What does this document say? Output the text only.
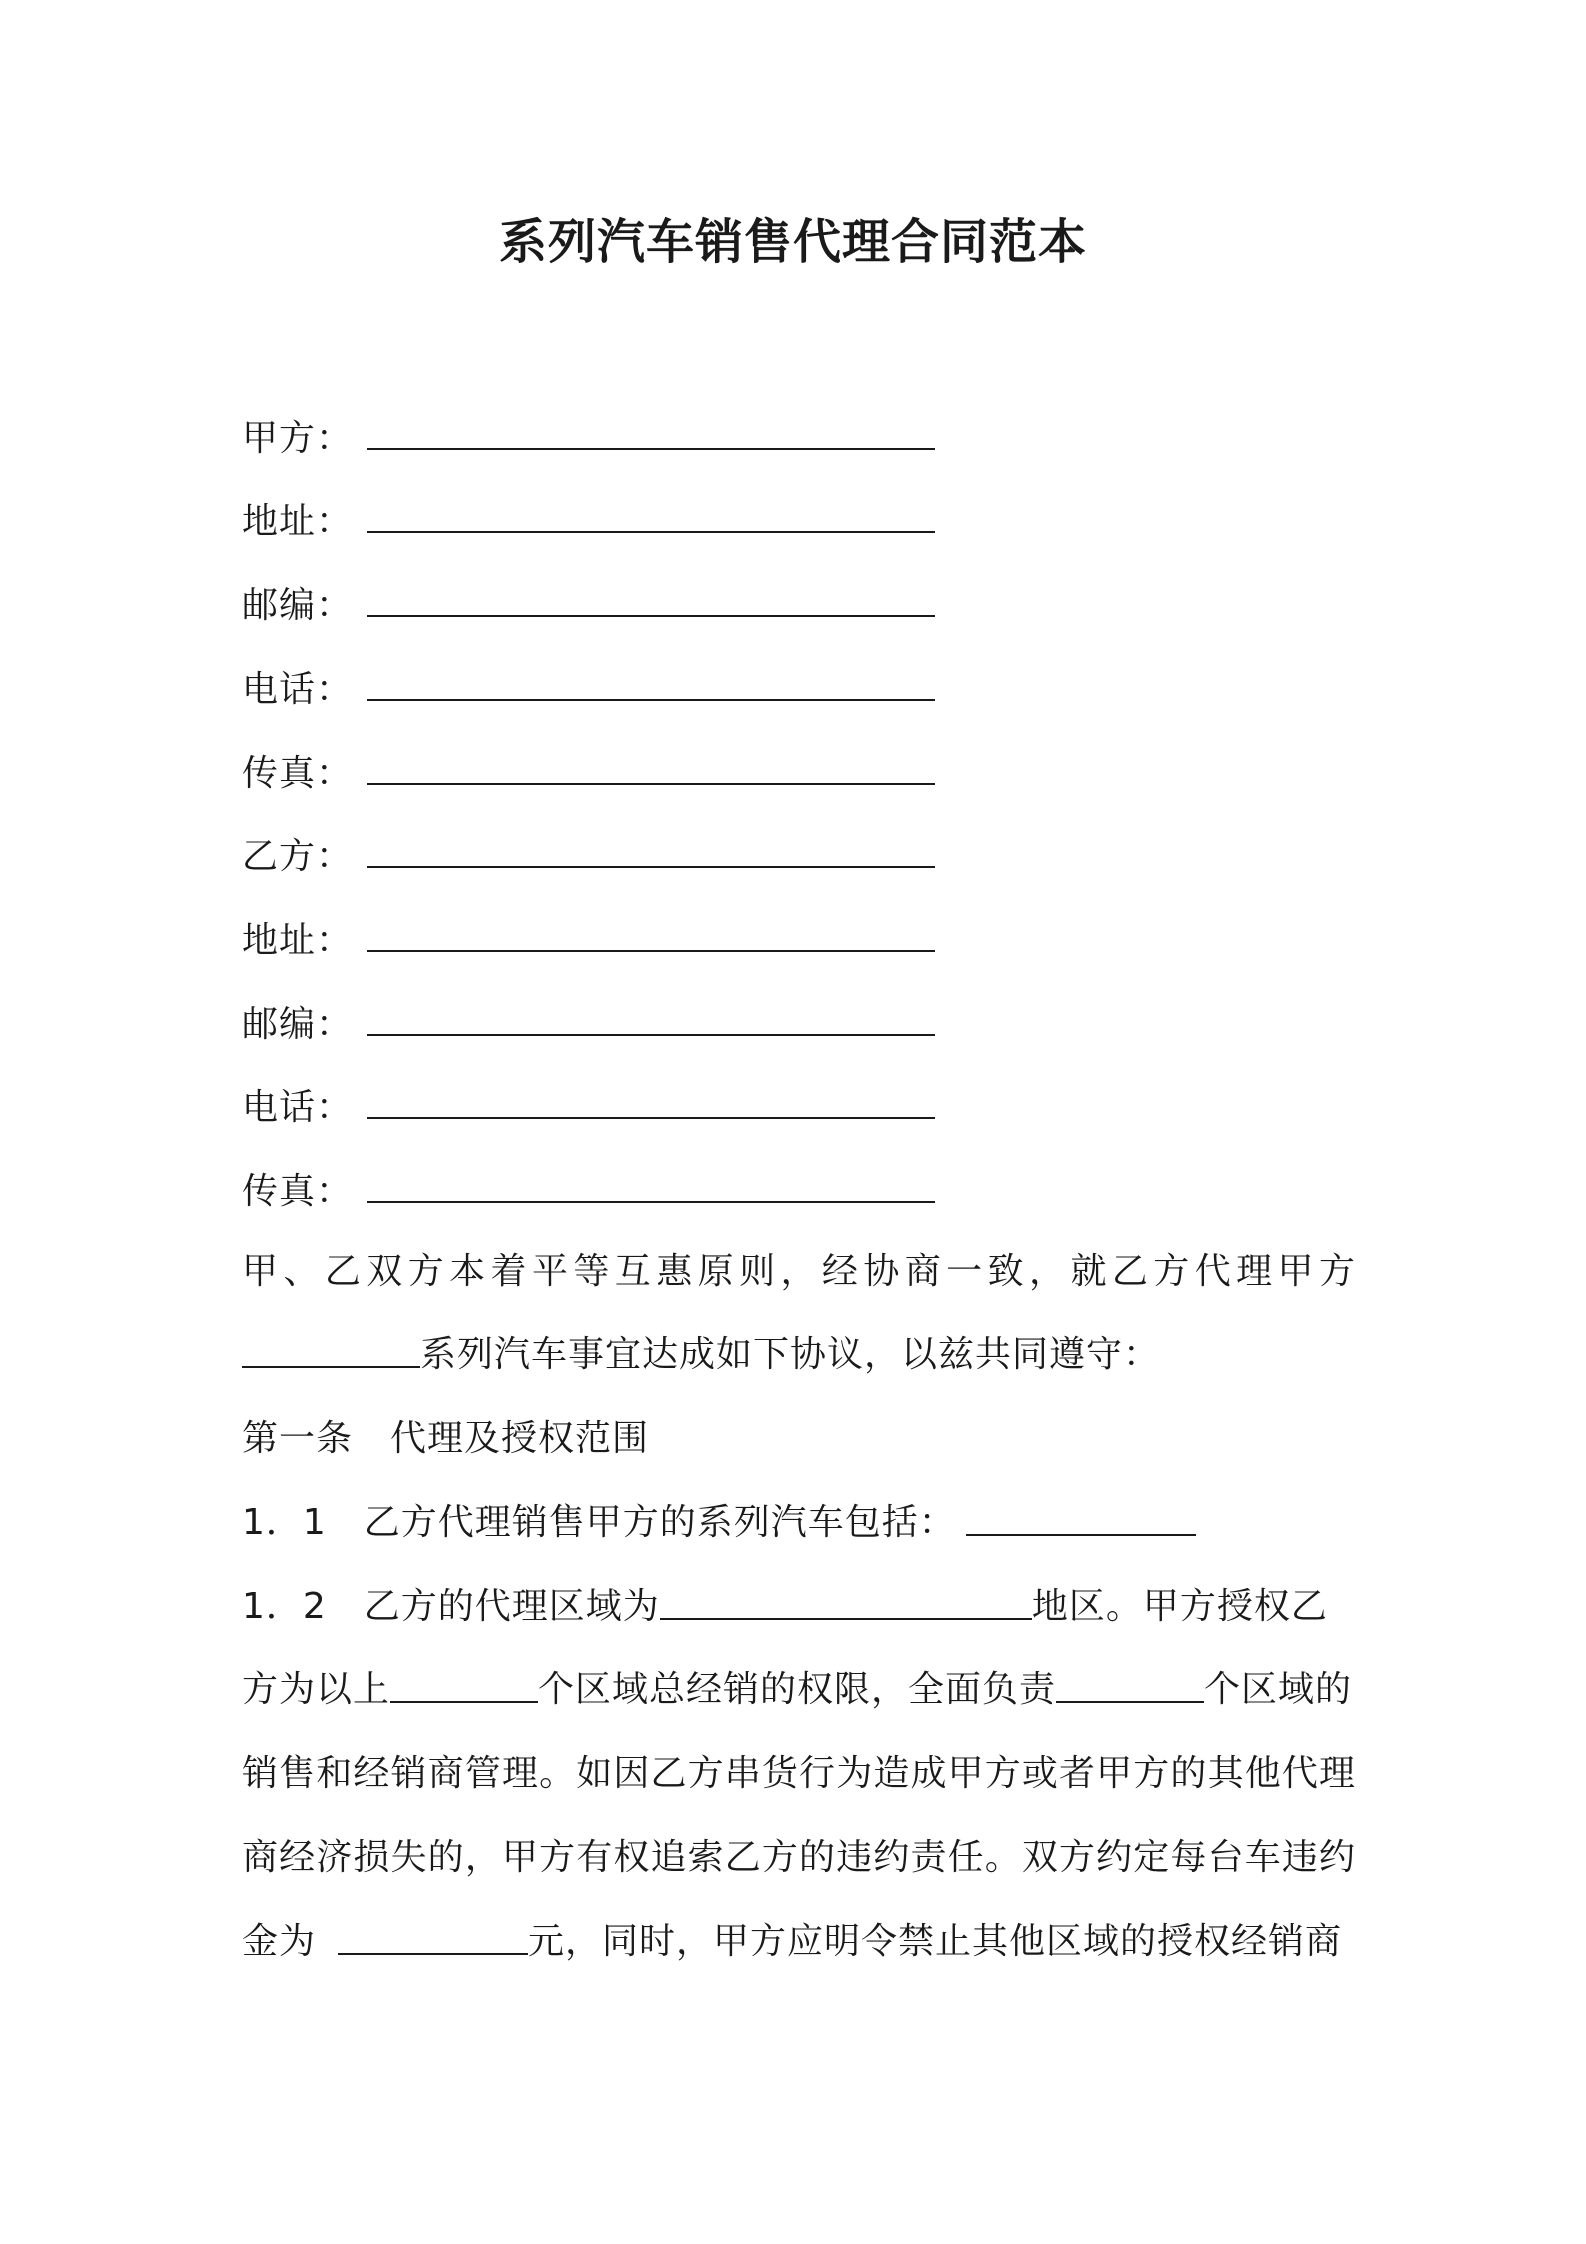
系列汽车销售代理合同范本
甲方：
地址：
邮编：
电话：
传真：
乙方：
地址：
邮编：
电话：
传真：
甲、乙双方本着平等互惠原则，经协商一致，就乙方代理甲方
系列汽车事宜达成如下协议，以兹共同遵守：
第一条　代理及授权范围
1．1　乙方代理销售甲方的系列汽车包括：
1．2　乙方的代理区域为	地区。甲方授权乙
方为以上	个区域总经销的权限，全面负责	个区域的
销售和经销商管理。如因乙方串货行为造成甲方或者甲方的其他代理
商经济损失的，甲方有权追索乙方的违约责任。双方约定每台车违约
金为	元，同时，甲方应明令禁止其他区域的授权经销商
